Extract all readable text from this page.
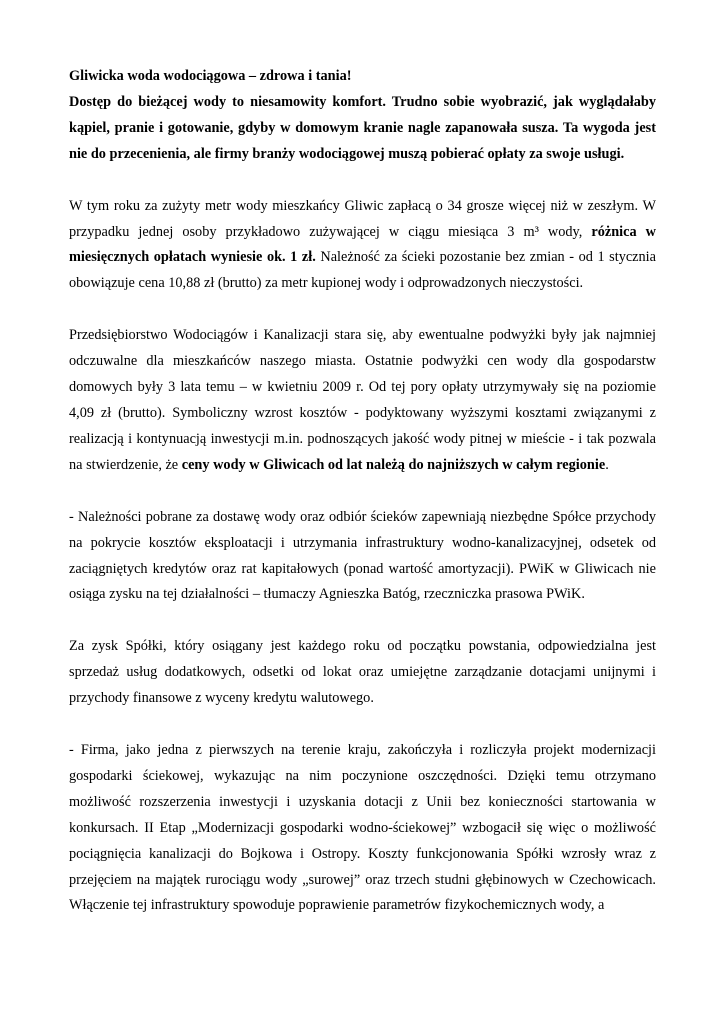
Gliwicka woda wodociągowa – zdrowa i tania!

Dostęp do bieżącej wody to niesamowity komfort. Trudno sobie wyobrazić, jak wyglądałaby kąpiel, pranie i gotowanie, gdyby w domowym kranie nagle zapanowała susza. Ta wygoda jest nie do przecenienia, ale firmy branży wodociągowej muszą pobierać opłaty za swoje usługi.

W tym roku za zużyty metr wody mieszkańcy Gliwic zapłacą o 34 grosze więcej niż w zeszłym. W przypadku jednej osoby przykładowo zużywającej w ciągu miesiąca 3 m³ wody, różnica w miesięcznych opłatach wyniesie ok. 1 zł. Należność za ścieki pozostanie bez zmian - od 1 stycznia obowiązuje cena 10,88 zł (brutto) za metr kupionej wody i odprowadzonych nieczystości.

Przedsiębiorstwo Wodociągów i Kanalizacji stara się, aby ewentualne podwyżki były jak najmniej odczuwalne dla mieszkańców naszego miasta. Ostatnie podwyżki cen wody dla gospodarstw domowych były 3 lata temu – w kwietniu 2009 r. Od tej pory opłaty utrzymywały się na poziomie 4,09 zł (brutto). Symboliczny wzrost kosztów - podyktowany wyższymi kosztami związanymi z realizacją i kontynuacją inwestycji m.in. podnoszących jakość wody pitnej w mieście - i tak pozwala na stwierdzenie, że ceny wody w Gliwicach od lat należą do najniższych w całym regionie.

- Należności pobrane za dostawę wody oraz odbiór ścieków zapewniają niezbędne Spółce przychody na pokrycie kosztów eksploatacji i utrzymania infrastruktury wodno-kanalizacyjnej, odsetek od zaciągniętych kredytów oraz rat kapitałowych (ponad wartość amortyzacji). PWiK w Gliwicach nie osiąga zysku na tej działalności – tłumaczy Agnieszka Batóg, rzeczniczka prasowa PWiK.

Za zysk Spółki, który osiągany jest każdego roku od początku powstania, odpowiedzialna jest sprzedaż usług dodatkowych, odsetki od lokat oraz umiejętne zarządzanie dotacjami unijnymi i przychody finansowe z wyceny kredytu walutowego.

- Firma, jako jedna z pierwszych na terenie kraju, zakończyła i rozliczyła projekt modernizacji gospodarki ściekowej, wykazując na nim poczynione oszczędności. Dzięki temu otrzymano możliwość rozszerzenia inwestycji i uzyskania dotacji z Unii bez konieczności startowania w konkursach. II Etap „Modernizacji gospodarki wodno-ściekowej” wzbogacił się więc o możliwość pociągnięcia kanalizacji do Bojkowa i Ostropy. Koszty funkcjonowania Spółki wzrosły wraz z przejęciem na majątek rurociągu wody „surowej” oraz trzech studni głębinowych w Czechowicach. Włączenie tej infrastruktury spowoduje poprawienie parametrów fizykochemicznych wody, a
